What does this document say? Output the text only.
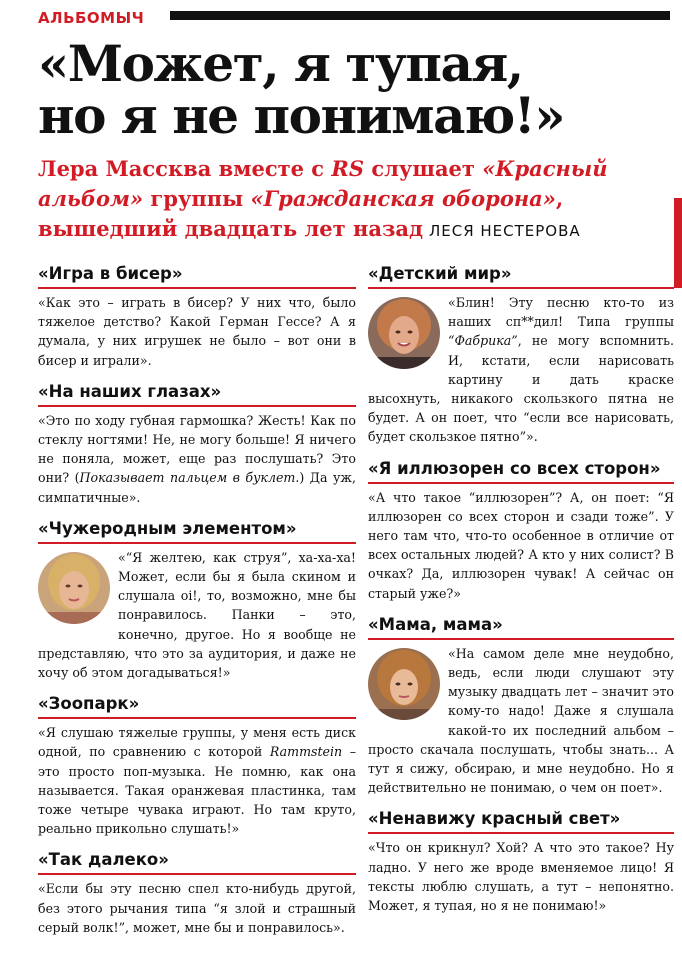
АЛЬБОМЫЧ
«Может, я тупая,
но я не понимаю!»
Лера Массква вместе с RS слушает «Красный альбом» группы «Гражданская оборона», вышедший двадцать лет назад ЛЕСЯ НЕСТЕРОВА
«Игра в бисер»
«Как это – играть в бисер? У них что, было тяжелое детство? Какой Герман Гессе? А я думала, у них игрушек не было – вот они в бисер и играли».
«На наших глазах»
«Это по ходу губная гармошка? Жесть! Как по стеклу ногтями! Не, не могу больше! Я ничего не поняла, может, еще раз послушать? Это они? (Показывает пальцем в буклет.) Да уж, симпатичные».
«Чужеродным элементом»
«“Я желтею, как струя”, ха-ха-ха! Может, если бы я была скином и слушала oi!, то, возможно, мне бы понравилось. Панки – это, конечно, другое. Но я вообще не представляю, что это за аудитория, и даже не хочу об этом догадываться!»
«Зоопарк»
«Я слушаю тяжелые группы, у меня есть диск одной, по сравнению с которой Rammstein – это просто поп-музыка. Не помню, как она называется. Такая оранжевая пластинка, там тоже четыре чувака играют. Но там круто, реально прикольно слушать!»
«Так далеко»
«Если бы эту песню спел кто-нибудь другой, без этого рычания типа “я злой и страшный серый волк!”, может, мне бы и понравилось».
«Детский мир»
«Блин! Эту песню кто-то из наших сп**дил! Типа группы “Фабрика”, не могу вспомнить. И, кстати, если нарисовать картину и дать краске высохнуть, никакого скользкого пятна не будет. А он поет, что “если все нарисовать, будет скользкое пятно”».
«Я иллюзорен со всех сторон»
«А что такое “иллюзорен”? А, он поет: “Я иллюзорен со всех сторон и сзади тоже”. У него там что, что-то особенное в отличие от всех остальных людей? А кто у них солист? В очках? Да, иллюзорен чувак! А сейчас он старый уже?»
«Мама, мама»
«На самом деле мне неудобно, ведь, если люди слушают эту музыку двадцать лет – значит это кому-то надо! Даже я слушала какой-то их последний альбом – просто скачала послушать, чтобы знать... А тут я сижу, обсираю, и мне неудобно. Но я действительно не понимаю, о чем он поет».
«Ненавижу красный свет»
«Что он крикнул? Хой? А что это такое? Ну ладно. У него же вроде вменяемое лицо! Я тексты люблю слушать, а тут – непонятно. Может, я тупая, но я не понимаю!»
